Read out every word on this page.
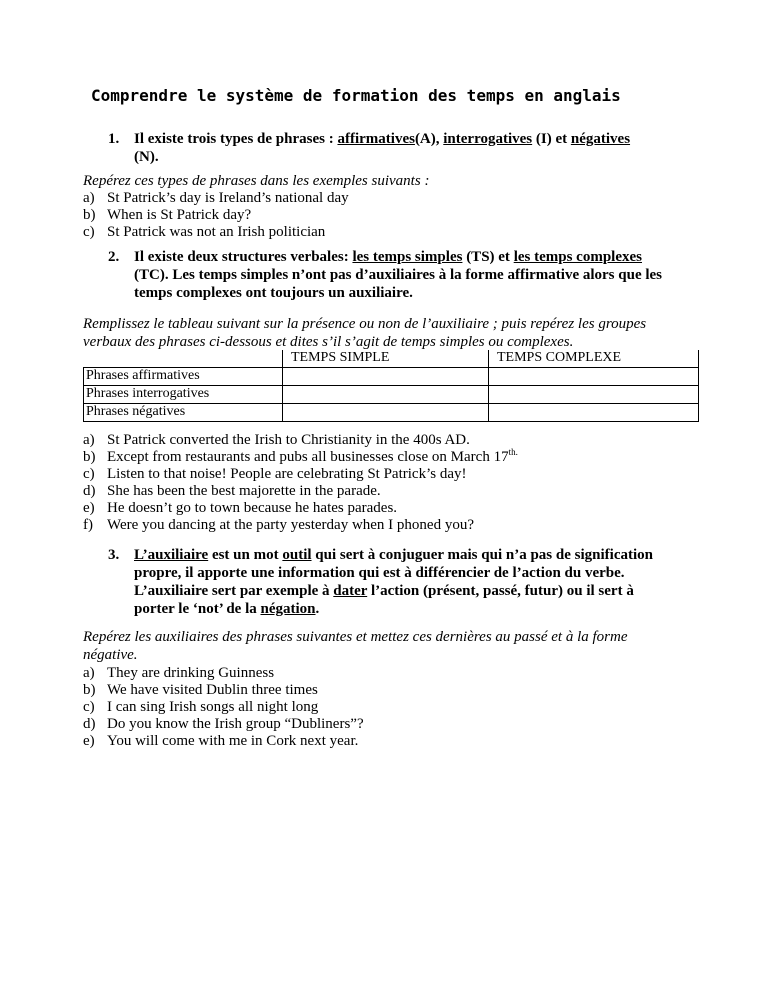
Comprendre le système de formation des temps en anglais
1. Il existe trois types de phrases : affirmatives(A), interrogatives (I) et négatives
(N).
Repérez ces types de phrases dans les exemples suivants :
a) St Patrick’s day is Ireland’s national day
b) When is St Patrick day?
c) St Patrick was not an Irish politician
2. Il existe deux structures verbales: les temps simples (TS) et les temps complexes (TC). Les temps simples n’ont pas d’auxiliaires à la forme affirmative alors que les temps complexes ont toujours un auxiliaire.
Remplissez le tableau suivant sur la présence ou non de l’auxiliaire ; puis repérez les groupes verbaux des phrases ci-dessous et dites s’il s’agit de temps simples ou complexes.
	TEMPS SIMPLE	TEMPS COMPLEXE
Phrases affirmatives		
Phrases interrogatives		
Phrases négatives		
a) St Patrick converted the Irish to Christianity in the 400s AD.
b) Except from restaurants and pubs all businesses close on March $17^{th.}$
c) Listen to that noise! People are celebrating St Patrick’s day!
d) She has been the best majorette in the parade.
e) He doesn’t go to town because he hates parades.
f) Were you dancing at the party yesterday when I phoned you?
3. L’auxiliaire est un mot outil qui sert à conjuguer mais qui n’a pas de signification propre, il apporte une information qui est à différencier de l’action du verbe. L’auxiliaire sert par exemple à dater l’action (présent, passé, futur) ou il sert à porter le ‘not’ de la négation.
Repérez les auxiliaires des phrases suivantes et mettez ces dernières au passé et à la forme négative.
a) They are drinking Guinness
b) We have visited Dublin three times
c) I can sing Irish songs all night long
d) Do you know the Irish group “Dubliners”?
e) You will come with me in Cork next year.
